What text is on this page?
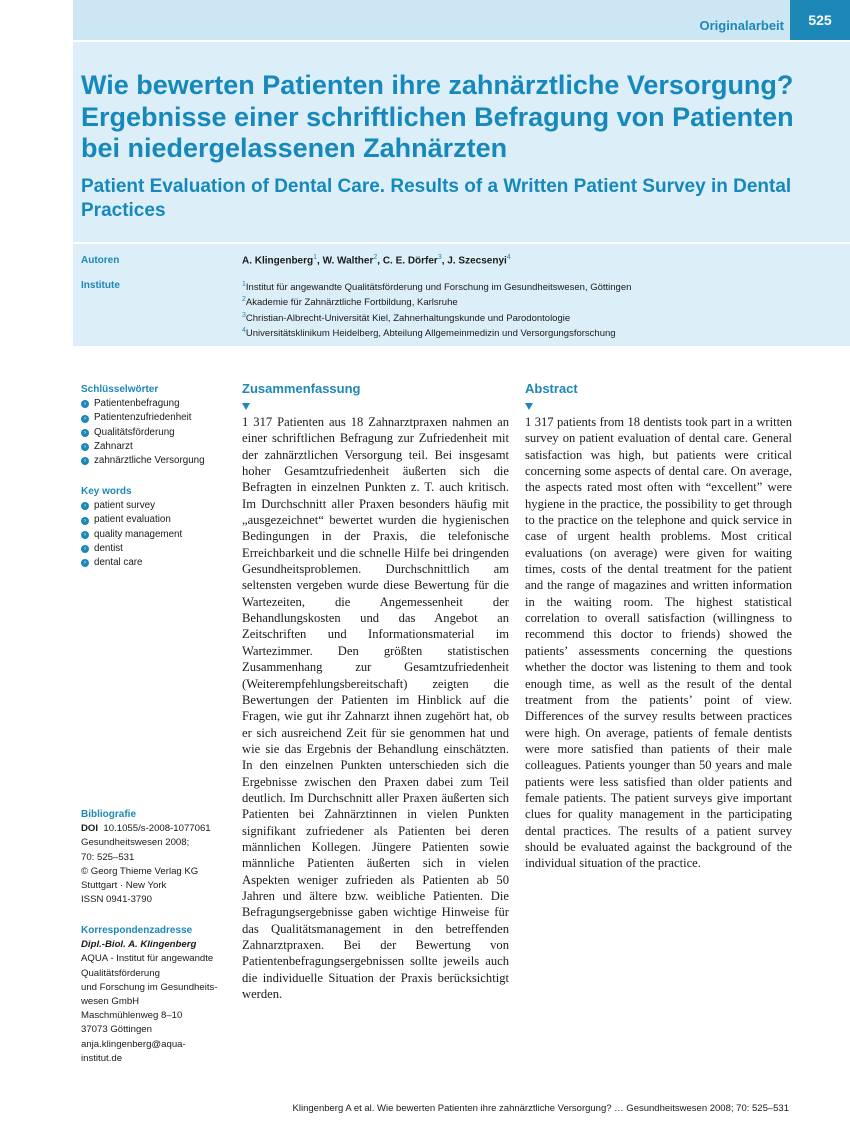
Originalarbeit	525
Wie bewerten Patienten ihre zahnärztliche Versorgung? Ergebnisse einer schriftlichen Befragung von Patienten bei niedergelassenen Zahnärzten
Patient Evaluation of Dental Care. Results of a Written Patient Survey in Dental Practices
Autoren	A. Klingenberg$^1$, W. Walther$^2$, C. E. Dörfer$^3$, J. Szecsenyi$^4$
Institute	$^1$Institut für angewandte Qualitätsförderung und Forschung im Gesundheitswesen, Göttingen
$^2$Akademie für Zahnärztliche Fortbildung, Karlsruhe
$^3$Christian-Albrecht-Universität Kiel, Zahnerhaltungskunde und Parodontologie
$^4$Universitätsklinikum Heidelberg, Abteilung Allgemeinmedizin und Versorgungsforschung
Schlüsselwörter
› Patientenbefragung
› Patientenzufriedenheit
› Qualitätsförderung
› Zahnarzt
› zahnärztliche Versorgung
Key words
› patient survey
› patient evaluation
› quality management
› dentist
› dental care
Bibliografie
DOI 10.1055/s-2008-1077061
Gesundheitswesen 2008;
70: 525–531
© Georg Thieme Verlag KG
Stuttgart · New York
ISSN 0941-3790
Korrespondenzadresse
Dipl.-Biol. A. Klingenberg
AQUA - Institut für angewandte
Qualitätsförderung
und Forschung im Gesundheits-
wesen GmbH
Maschmühlenweg 8–10
37073 Göttingen
anja.klingenberg@aqua-
institut.de
Zusammenfassung

1 317 Patienten aus 18 Zahnarztpraxen nahmen an einer schriftlichen Befragung zur Zufriedenheit mit der zahnärztlichen Versorgung teil. Bei insgesamt hoher Gesamtzufriedenheit äußerten sich die Befragten in einzelnen Punkten z. T. auch kritisch. Im Durchschnitt aller Praxen besonders häufig mit „ausgezeichnet“ bewertet wurden die hygienischen Bedingungen in der Praxis, die telefonische Erreichbarkeit und die schnelle Hilfe bei dringenden Gesundheitsproblemen. Durchschnittlich am seltensten vergeben wurde diese Bewertung für die Wartezeiten, die Angemessenheit der Behandlungskosten und das Angebot an Zeitschriften und Informationsmaterial im Wartezimmer. Den größten statistischen Zusammenhang zur Gesamtzufriedenheit (Weiterempfehlungsbereitschaft) zeigten die Bewertungen der Patienten im Hinblick auf die Fragen, wie gut ihr Zahnarzt ihnen zugehört hat, ob er sich ausreichend Zeit für sie genommen hat und wie sie das Ergebnis der Behandlung einschätzten. In den einzelnen Punkten unterschieden sich die Ergebnisse zwischen den Praxen dabei zum Teil deutlich. Im Durchschnitt aller Praxen äußerten sich Patienten bei Zahnärztinnen in vielen Punkten signifikant zufriedener als Patienten bei deren männlichen Kollegen. Jüngere Patienten sowie männliche Patienten äußerten sich in vielen Aspekten weniger zufrieden als Patienten ab 50 Jahren und ältere bzw. weibliche Patienten. Die Befragungsergebnisse gaben wichtige Hinweise für das Qualitätsmanagement in den betreffenden Zahnarztpraxen. Bei der Bewertung von Patientenbefragungsergebnissen sollte jeweils auch die individuelle Situation der Praxis berücksichtigt werden.

Abstract

1 317 patients from 18 dentists took part in a written survey on patient evaluation of dental care. General satisfaction was high, but patients were critical concerning some aspects of dental care. On average, the aspects rated most often with “excellent” were hygiene in the practice, the possibility to get through to the practice on the telephone and quick service in case of urgent health problems. Most critical evaluations (on average) were given for waiting times, costs of the dental treatment for the patient and the range of magazines and written information in the waiting room. The highest statistical correlation to overall satisfaction (willingness to recommend this doctor to friends) showed the patients’ assessments concerning the questions whether the doctor was listening to them and took enough time, as well as the result of the dental treatment from the patients’ point of view. Differences of the survey results between practices were high. On average, patients of female dentists were more satisfied than patients of their male colleagues. Patients younger than 50 years and male patients were less satisfied than older patients and female patients. The patient surveys give important clues for quality management in the participating dental practices. The results of a patient survey should be evaluated against the background of the individual situation of the practice.

Klingenberg A et al. Wie bewerten Patienten ihre zahnärztliche Versorgung? … Gesundheitswesen 2008; 70: 525–531
